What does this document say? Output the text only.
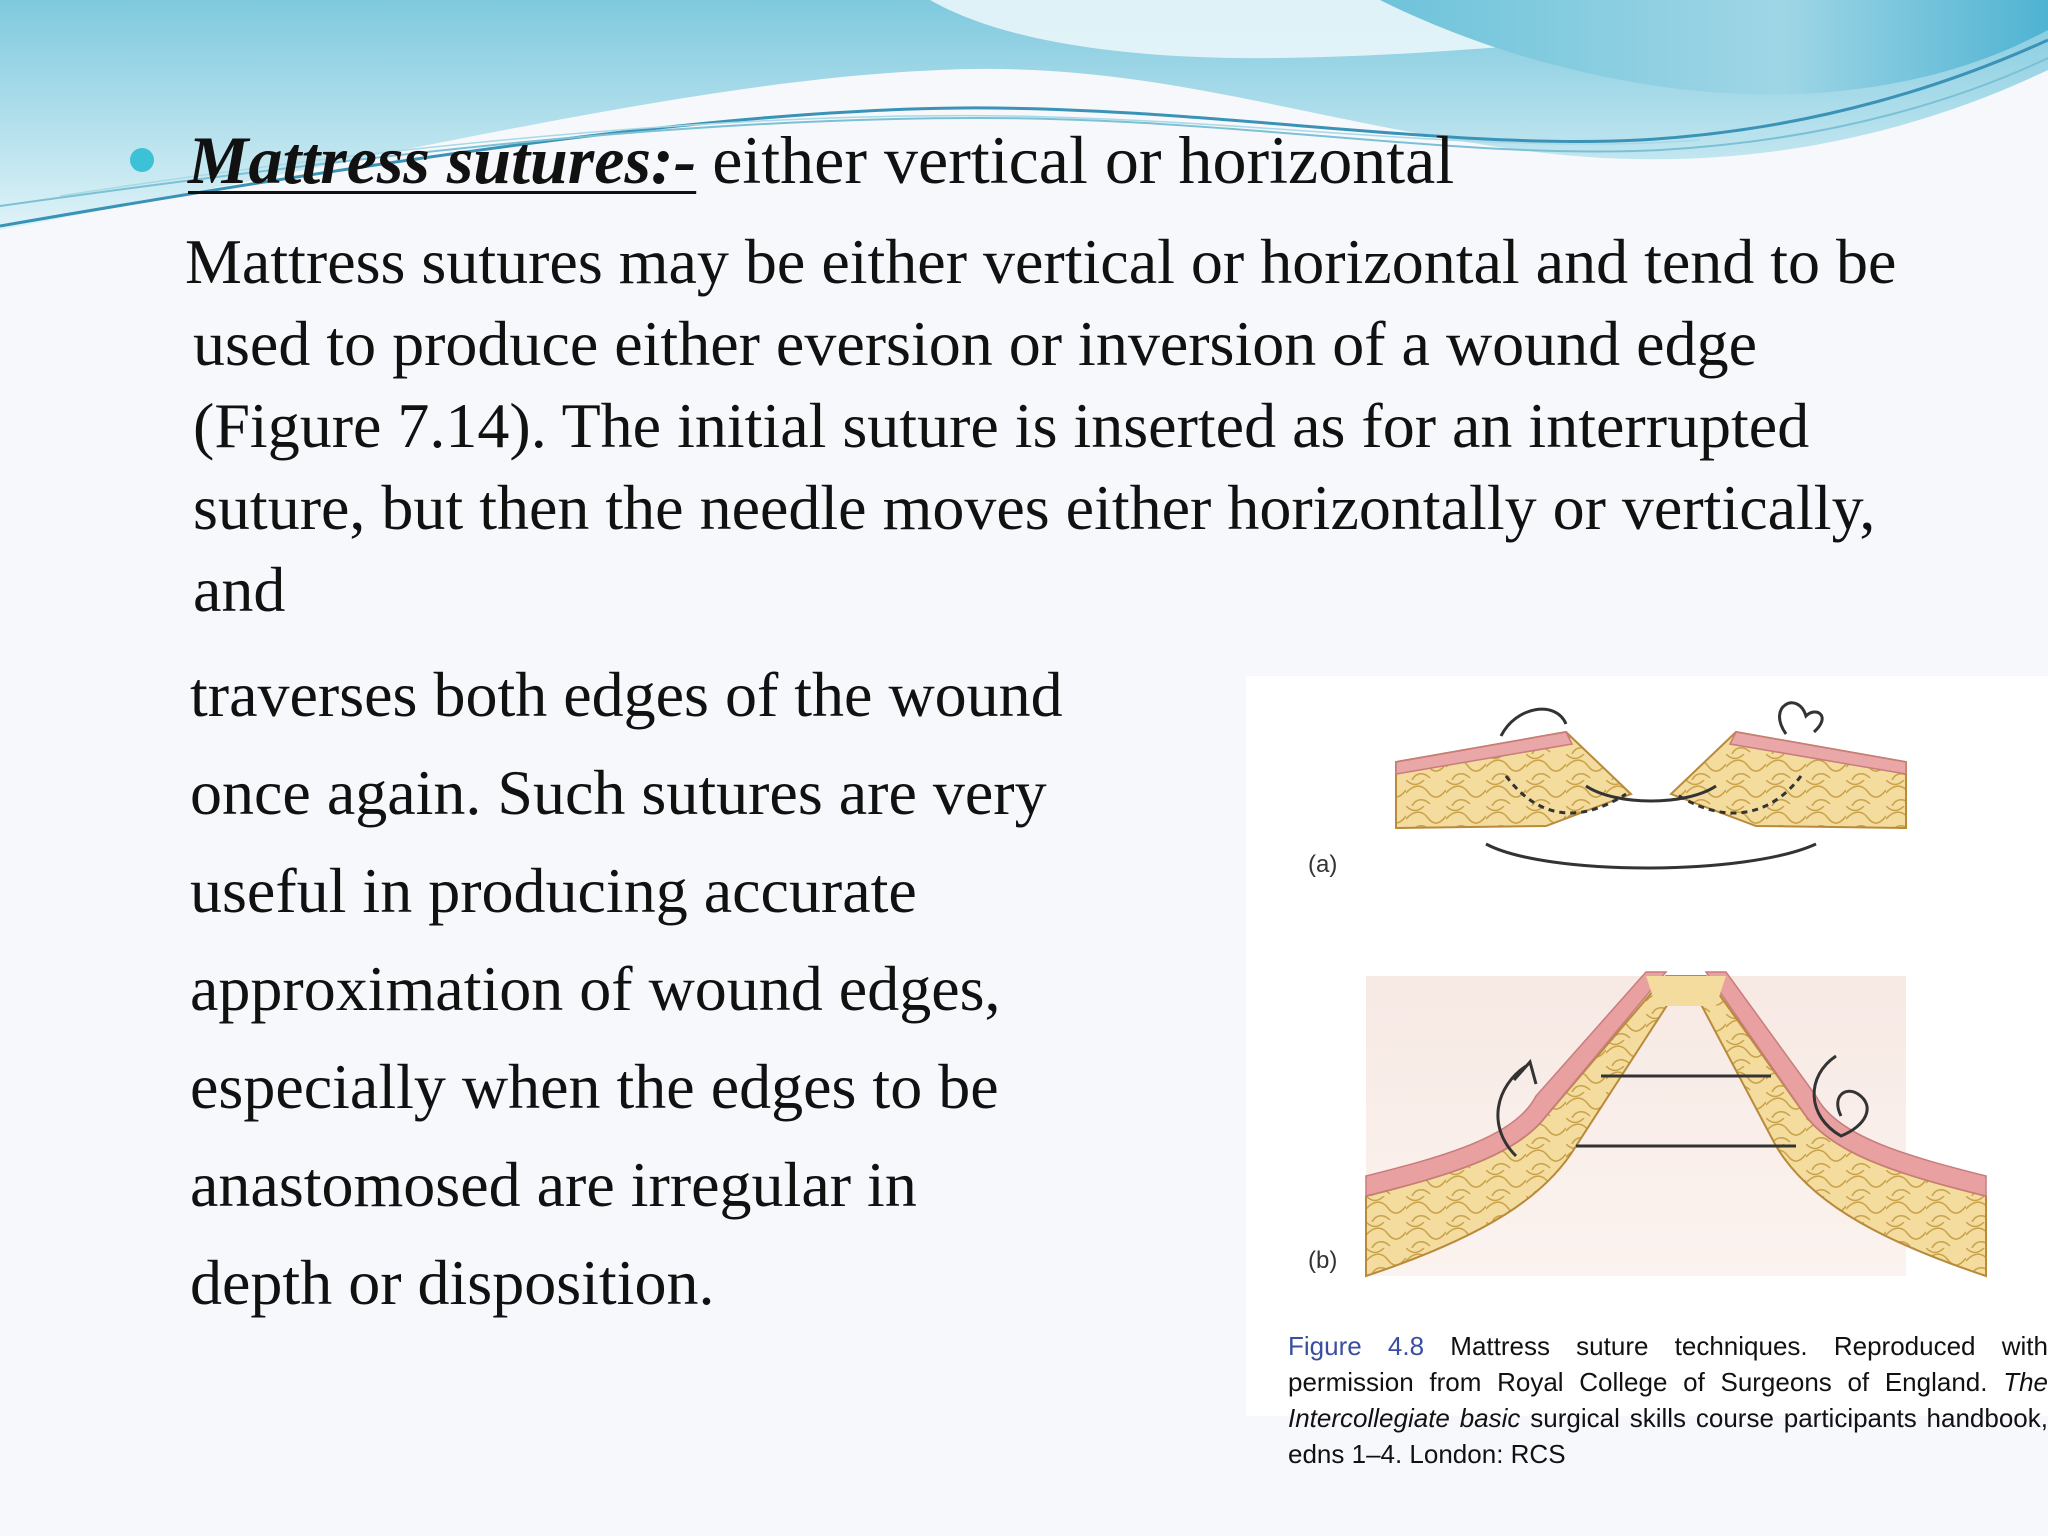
Mattress sutures:- either vertical or horizontal

Mattress sutures may be either vertical or horizontal and tend to be used to produce either eversion or inversion of a wound edge (Figure 7.14). The initial suture is inserted as for an interrupted suture, but then the needle moves either horizontally or vertically, and

traverses both edges of the wound
once again. Such sutures are very
useful in producing accurate
approximation of wound edges,
especially when the edges to be
anastomosed are irregular in
depth or disposition.
(a)
(b)
Figure 4.8 Mattress suture techniques. Reproduced with permission from Royal College of Surgeons of England. The Intercollegiate basic surgical skills course participants handbook, edns 1–4. London: RCS
